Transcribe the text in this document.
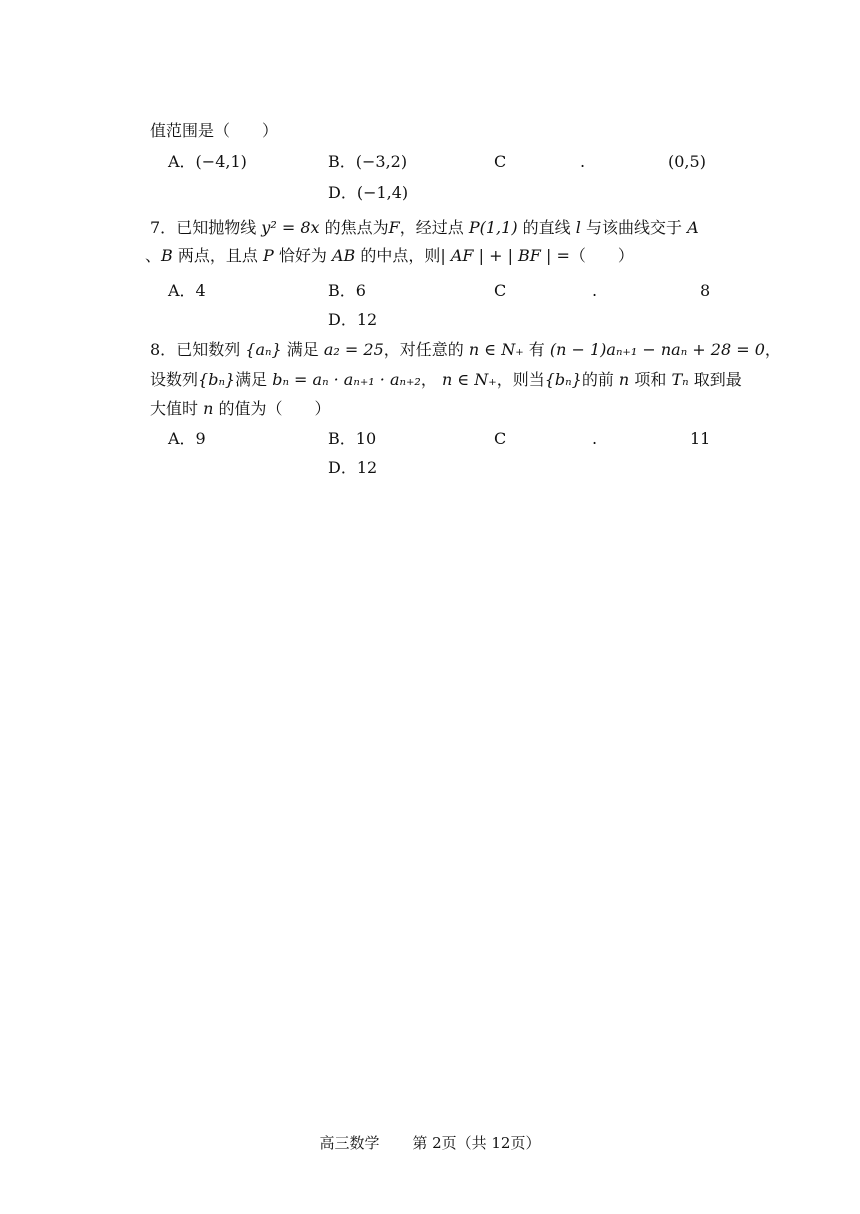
值范围是（　　）
A．(−4,1)	B．(−3,2)	C	.	(0,5)
D．(−1,4)
7．已知抛物线 y² = 8x 的焦点为F，经过点 P(1,1) 的直线 l 与该曲线交于 A
、B 两点，且点 P 恰好为 AB 的中点，则| AF | + | BF | =（　　）
A．4	B．6	C	.	8
D．12
8．已知数列 {aₙ} 满足 a₂ = 25，对任意的 n ∈ N₊ 有 (n − 1)aₙ₊₁ − naₙ + 28 = 0，
设数列{bₙ}满足 bₙ = aₙ · aₙ₊₁ · aₙ₊₂， n ∈ N₊，则当{bₙ}的前 n 项和 Tₙ 取到最
大值时 n 的值为（　　）
A．9	B．10	C	.	11
D．12
高三数学 第 2页（共 12页）
